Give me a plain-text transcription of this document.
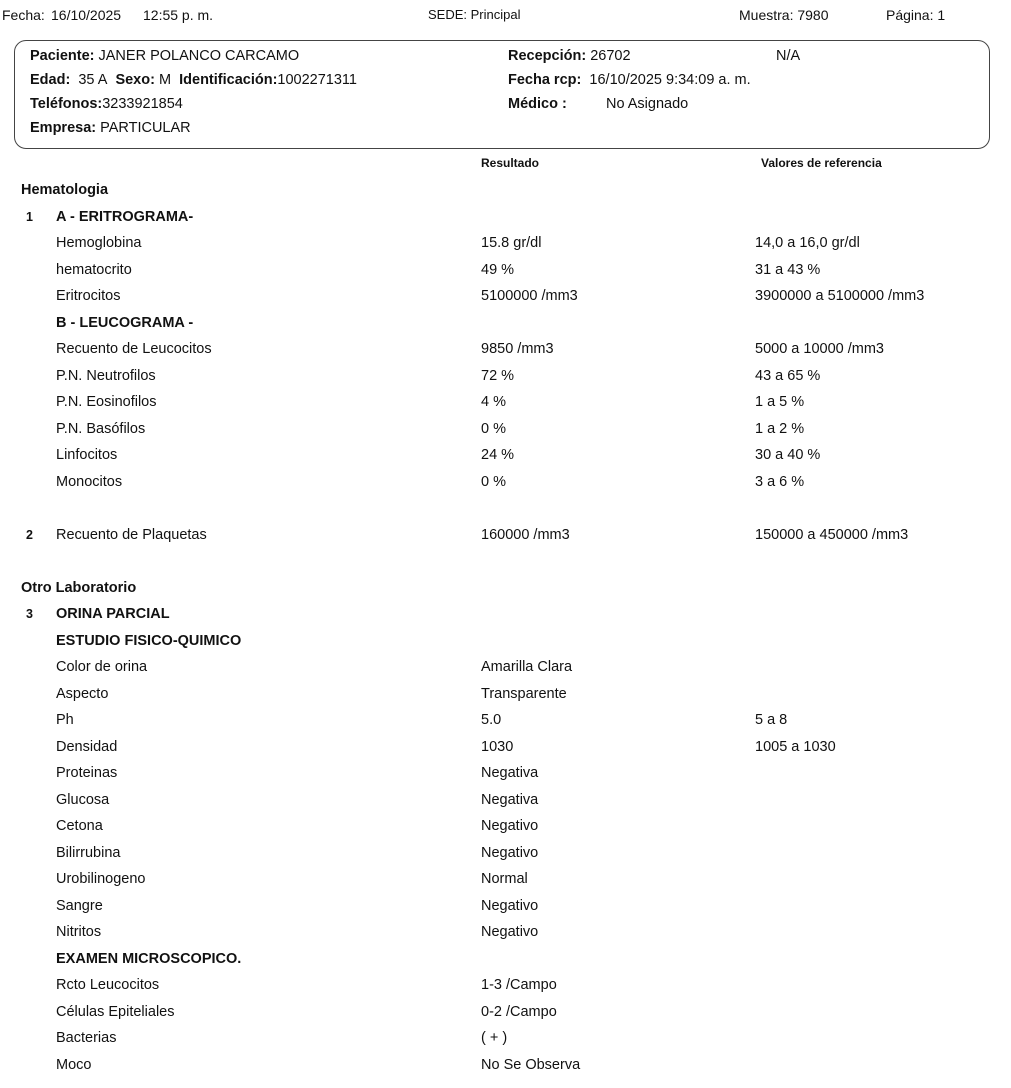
Fecha: 16/10/2025 12:55 p. m.	SEDE: Principal	Muestra: 7980	Página: 1
Paciente: JANER POLANCO CARCAMO
Edad: 35 A Sexo: M Identificación:1002271311
Teléfonos:3233921854
Empresa: PARTICULAR
Recepción: 26702	N/A
Fecha rcp: 16/10/2025 9:34:09 a. m.
Médico :	No Asignado
Resultado	Valores de referencia
Hematologia
1 A - ERITROGRAMA-
Hemoglobina	15.8 gr/dl	14,0 a 16,0 gr/dl
hematocrito	49 %	31 a 43 %
Eritrocitos	5100000 /mm3	3900000 a 5100000 /mm3
B - LEUCOGRAMA -
Recuento de Leucocitos	9850 /mm3	5000 a 10000 /mm3
P.N. Neutrofilos	72 %	43 a 65 %
P.N. Eosinofilos	4 %	1 a 5 %
P.N. Basófilos	0 %	1 a 2 %
Linfocitos	24 %	30 a 40 %
Monocitos	0 %	3 a 6 %
2 Recuento de Plaquetas	160000 /mm3	150000 a 450000 /mm3
Otro Laboratorio
3 ORINA PARCIAL
ESTUDIO FISICO-QUIMICO
Color de orina	Amarilla Clara
Aspecto	Transparente
Ph	5.0	5 a 8
Densidad	1030	1005 a 1030
Proteinas	Negativa
Glucosa	Negativa
Cetona	Negativo
Bilirrubina	Negativo
Urobilinogeno	Normal
Sangre	Negativo
Nitritos	Negativo
EXAMEN MICROSCOPICO.
Rcto Leucocitos	1-3 /Campo
Células Epiteliales	0-2 /Campo
Bacterias	( + )
Moco	No Se Observa
